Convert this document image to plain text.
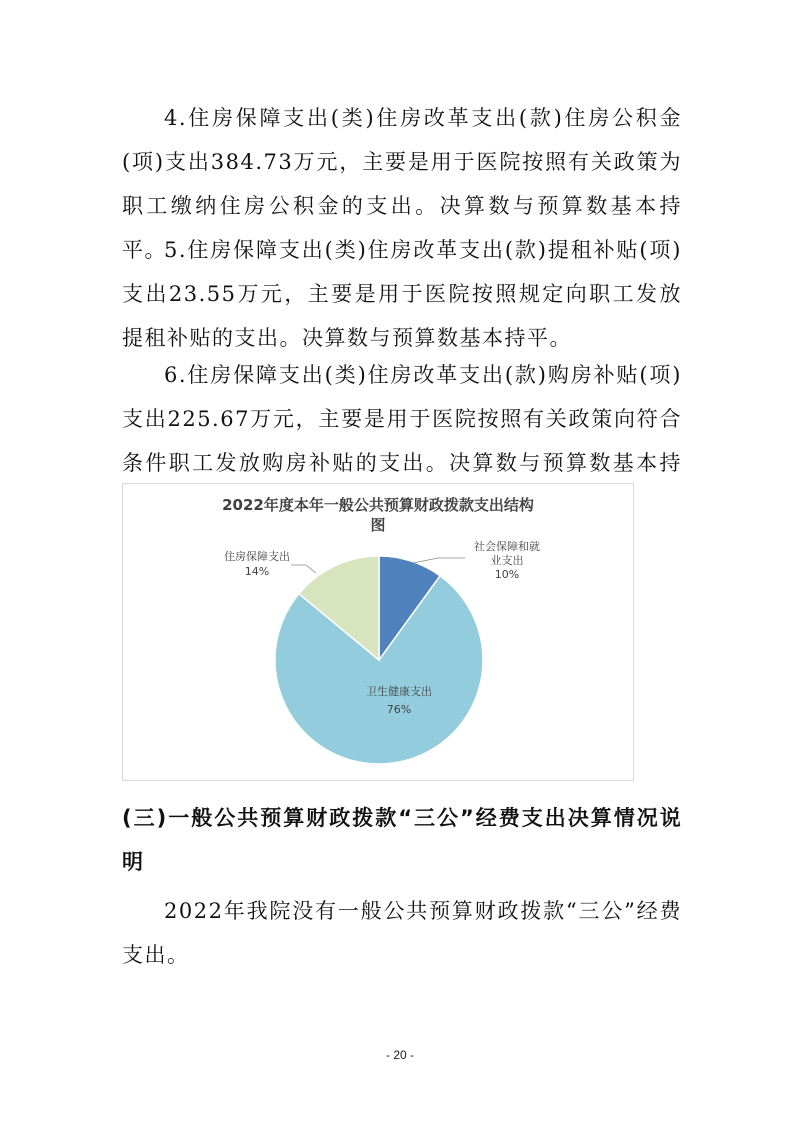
4.住房保障支出(类)住房改革支出(款)住房公积金(项)支出384.73万元，主要是用于医院按照有关政策为职工缴纳住房公积金的支出。决算数与预算数基本持平。

5.住房保障支出(类)住房改革支出(款)提租补贴(项)支出23.55万元，主要是用于医院按照规定向职工发放提租补贴的支出。决算数与预算数基本持平。

6.住房保障支出(类)住房改革支出(款)购房补贴(项)支出225.67万元，主要是用于医院按照有关政策向符合条件职工发放购房补贴的支出。决算数与预算数基本持

2022年度本年一般公共预算财政拨款支出结构
图
社会保障和就
业支出
10%
卫生健康支出
76%
住房保障支出
14%

(三)一般公共预算财政拨款“三公”经费支出决算情况说明

2022年我院没有一般公共预算财政拨款“三公”经费支出。

- 20 -
